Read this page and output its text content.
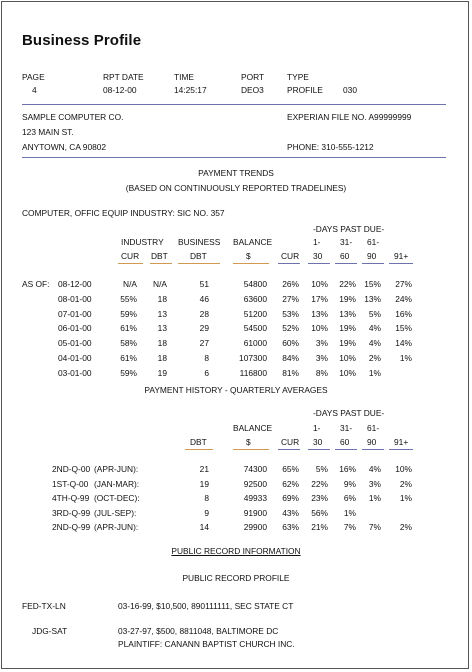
Business Profile
PAGE	RPT DATE	TIME	PORT	TYPE
4	08-12-00	14:25:17	DEO3	PROFILE 030
SAMPLE COMPUTER CO.
123 MAIN ST.
ANYTOWN, CA 90802
EXPERIAN FILE NO. A99999999
PHONE: 310-555-1212
PAYMENT TRENDS
(BASED ON CONTINUOUSLY REPORTED TRADELINES)
COMPUTER, OFFIC EQUIP INDUSTRY: SIC NO. 357
-DAYS PAST DUE-
INDUSTRY BUSINESS BALANCE	1- 31- 61-
CUR DBT	DBT	$	CUR 30 60 90 91+
AS OF: 08-12-00	N/A	N/A	51	54800	26%	10%	22% 15%	27%
08-01-00	55%	18	46	63600	27%	17%	19% 13%	24%
07-01-00	59%	13	28	51200	53%	13%	13%	5%	16%
06-01-00	61%	13	29	54500	52%	10%	19%	4%	15%
05-01-00	58%	18	27	61000	60%	3%	19%	4%	14%
04-01-00	61%	18	8	107300	84%	3%	10%	2%	1%
03-01-00	59%	19	6	116800	81%	8%	10%	1%
PAYMENT HISTORY - QUARTERLY AVERAGES
-DAYS PAST DUE-
BALANCE	1- 31- 61-
DBT	$	CUR 30 60 90 91+
2ND-Q-00 (APR-JUN):	21	74300	65%	5%	16%	4%	10%
1ST-Q-00 (JAN-MAR):	19	92500	62%	22%	9%	3%	2%
4TH-Q-99 (OCT-DEC):	8	49933	69%	23%	6%	1%	1%
3RD-Q-99 (JUL-SEP):	9	91900	43%	56%	1%
2ND-Q-99 (APR-JUN):	14	29900	63%	21%	7%	7%	2%
PUBLIC RECORD INFORMATION
PUBLIC RECORD PROFILE
FED-TX-LN	03-16-99, $10,500, 890111111, SEC STATE CT
JDG-SAT	03-27-97, $500, 8811048, BALTIMORE DC
PLAINTIFF: CANANN BAPTIST CHURCH INC.
